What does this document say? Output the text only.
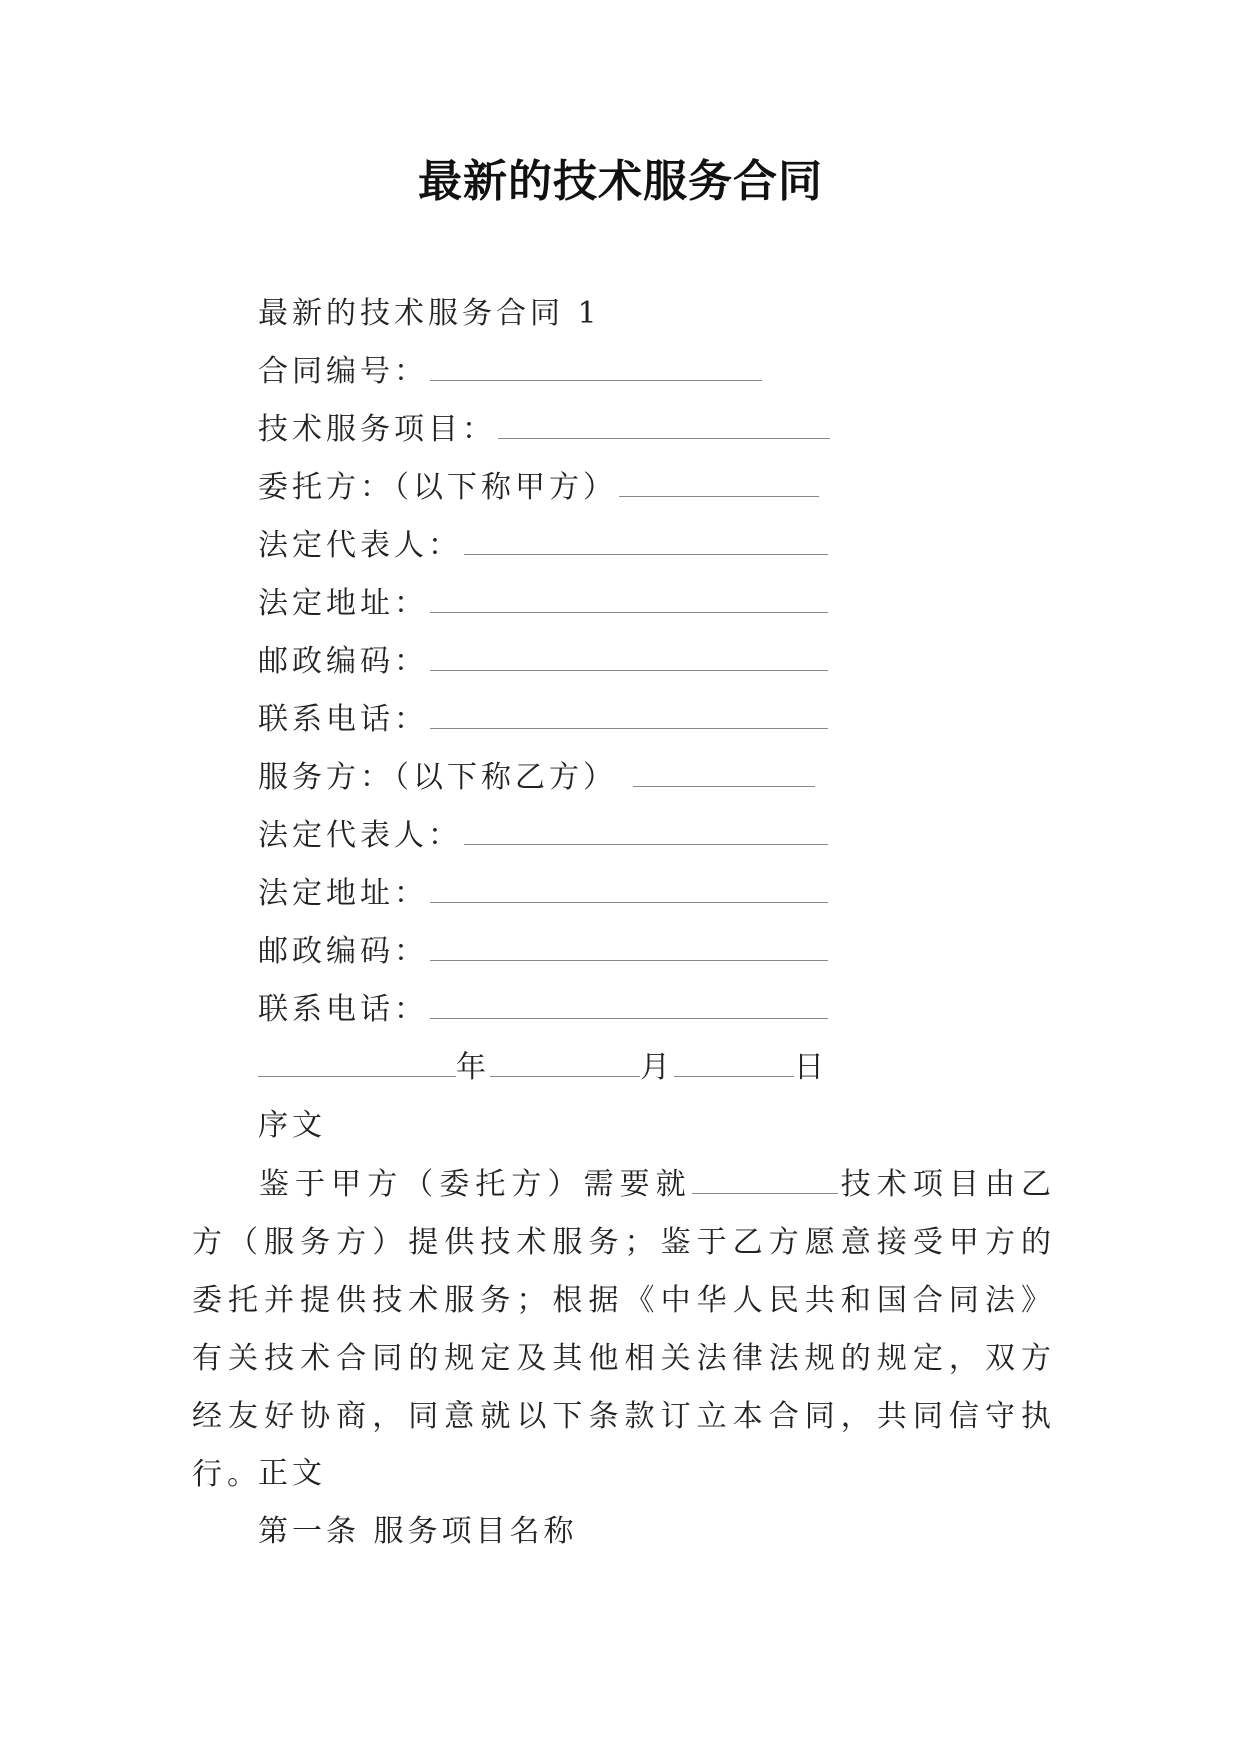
最新的技术服务合同
最新的技术服务合同 1
合同编号：
技术服务项目：
委托方：（以下称甲方）
法定代表人：
法定地址：
邮政编码：
联系电话：
服务方：（以下称乙方）
法定代表人：
法定地址：
邮政编码：
联系电话：
年	月	日
序文

鉴于甲方（委托方）需要就	技术项目由乙方（服务方）提供技术服务；鉴于乙方愿意接受甲方的委托并提供技术服务；根据《中华人民共和国合同法》有关技术合同的规定及其他相关法律法规的规定，双方经友好协商，同意就以下条款订立本合同，共同信守执行。

正文
第一条 服务项目名称
